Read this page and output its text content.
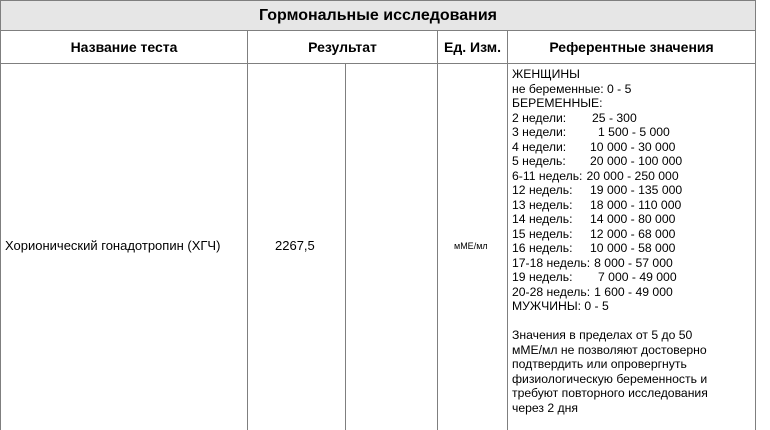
Гормональные исследования
Название теста	Результат	Ед. Изм.	Референтные значения
Хорионический гонадотропин (ХГЧ)	2267,5	мМЕ/мл
ЖЕНЩИНЫ
не беременные: 0 - 5
БЕРЕМЕННЫЕ:
2 недели: 25 - 300
3 недели:	1 500 - 5 000
4 недели: 10 000 - 30 000
5 недель: 20 000 - 100 000
6-11 недель: 20 000 - 250 000
12 недель: 19 000 - 135 000
13 недель: 18 000 - 110 000
14 недель: 14 000 - 80 000
15 недель: 12 000 - 68 000
16 недель: 10 000 - 58 000
17-18 недель: 8 000 - 57 000
19 недель: 7 000 - 49 000
20-28 недель: 1 600 - 49 000
МУЖЧИНЫ: 0 - 5
Значения в пределах от 5 до 50
мМЕ/мл не позволяют достоверно
подтвердить или опровергнуть
физиологическую беременность и
требуют повторного исследования
через 2 дня
